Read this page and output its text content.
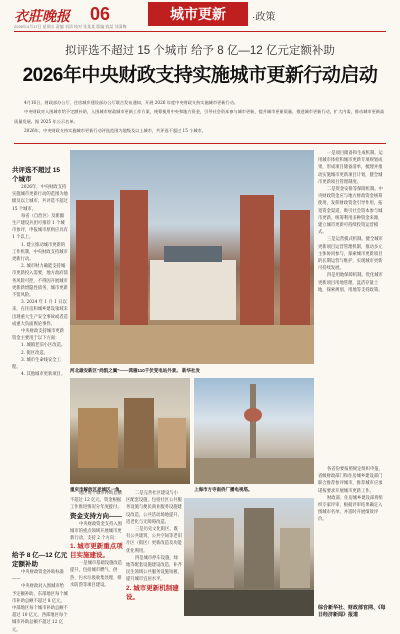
衣莊晚报 06
2026年4月17日 星期五 责编 刘清 校对 张某某 版编 钱某 刘清梅
城市更新	·政策
拟评选不超过 15 个城市 给予 8 亿—12 亿元定额补助
2026年中央财政支持实施城市更新行动启动

4月16日，财政部办公厅、住房城乡建设部办公厅联合发布通知，开展 2026 年度中央财政支持实施城市更新行动。

中央财政对入围城市给予定额补助，入围城市财政城市更新工作方案，统筹使用中央和地方资金，引导社会资本参与城市更新，提升城市更新质量，推进城市更新行动，扩大内需，推动城市更新高质量发展。据 2025 年公示名单。

2026年，中央财政支持实施城市更新行动评选范围为地级及以上城市，共评选不超过 15 个城市。

共评选不超过 15 个城市

2026年，中央财政支持实施城市更新行动的范围为地级及以上城市，共评选不超过 15 个城市。

每省（自治区）及新疆生产建设兵团可推荐 1 个城市参评，申报城市原则应具有 1 个以上。

1. 建立推动城市更新的工作机制，中央财政支持城市更新行动。

2. 城市财力确能支持城市更新投入需要，地方政府债务风险可控，不得因开展城市更新新增隐性债务，城市更新不留风险。

3. 2024 年 1 月 1 日以来，在住房和城乡建设领域未出现重大生产安全事故或者造成重大负面舆论事件。

中央财政支持城市更新资金主要用于以下方面：

1. 城镇老旧小区改造。

2. 街区改造。

3. 城市生命线安全工程。

4. 其他城市更新项目。

给予 8 亿—12 亿元定额补助

中央财政资金补助标准——

中央财政对入围城市给予定额补助，东部地区每个城市补助总额不超过 8 亿元，中部地区每个城市补助总额不超过 10 亿元，西部地区每个城市补助总额不超过 12 亿元。

河北雄安新区“尚凯之翼”——鸿雁110千伏变电站外景。 新华社发
重庆市解放区老城区一角。	上海市方寺南侨厂播电视塔。

地区每个城市补助总额不超过 12 亿元。资金根据工作推进情况分年度拨付。

资金支持方向——

中央财政资金支持入围城市的重点领域开展城市更新行动，支持 2 个方向：

1. 城市更新重点项目实施建设。

一是城市基础设施改造提升，包括城市燃气、供热、污水垃圾收集处理、排水防涝等项目建设。

二是完善社区建设与小区配套设施，包括社区公共服务设施与便民商业服务设施建设改造，公共活动场地提升，适老化与无障碍改造。

三是历史文化街区、既有公共建筑、公共空间等老旧片区（街区）更新改造及功能优化利用。

四是城市停车设施、绿地等配套设施建设改造，补齐民生领域公共服务设施短板，提升城市宜居水平。

2. 城市更新机制建设。

一是项目储备和生成机制。运用城市体检和城市更新专项规划成果，形成项目储备清单，梳理并推动实施城市更新项目计划，健全城市更新项目管理制度。

二是资金安排等保障机制。中央财政资金应与地方财政资金统筹使用，发挥财政资金引导作用，拓宽资金渠道，吸引社会资本参与城市更新，统筹利用多种资金来源，建立城市更新可持续投资运营模式。

三是运营模式机制。健全城市更新项目运营管理机制，推动多元主体协同参与，探索城市更新项目的长期运营与维护，实现城市更新可持续发展。

四是用地保障机制。优化城市更新项目用地管理，盘活存量土地，探索规划、用地等支持政策。

各省份要按照规定组织申报，省级财政部门和住房城乡建设部门联合推荐参评城市，推荐城市应承诺按要求开展城市更新工作。

财政部、住房城乡建设部将组织专家评审，根据评审结果确定入围城市名单，并适时开展绩效评价。

综合新华社、财政部官网、《每日经济新闻》报道
